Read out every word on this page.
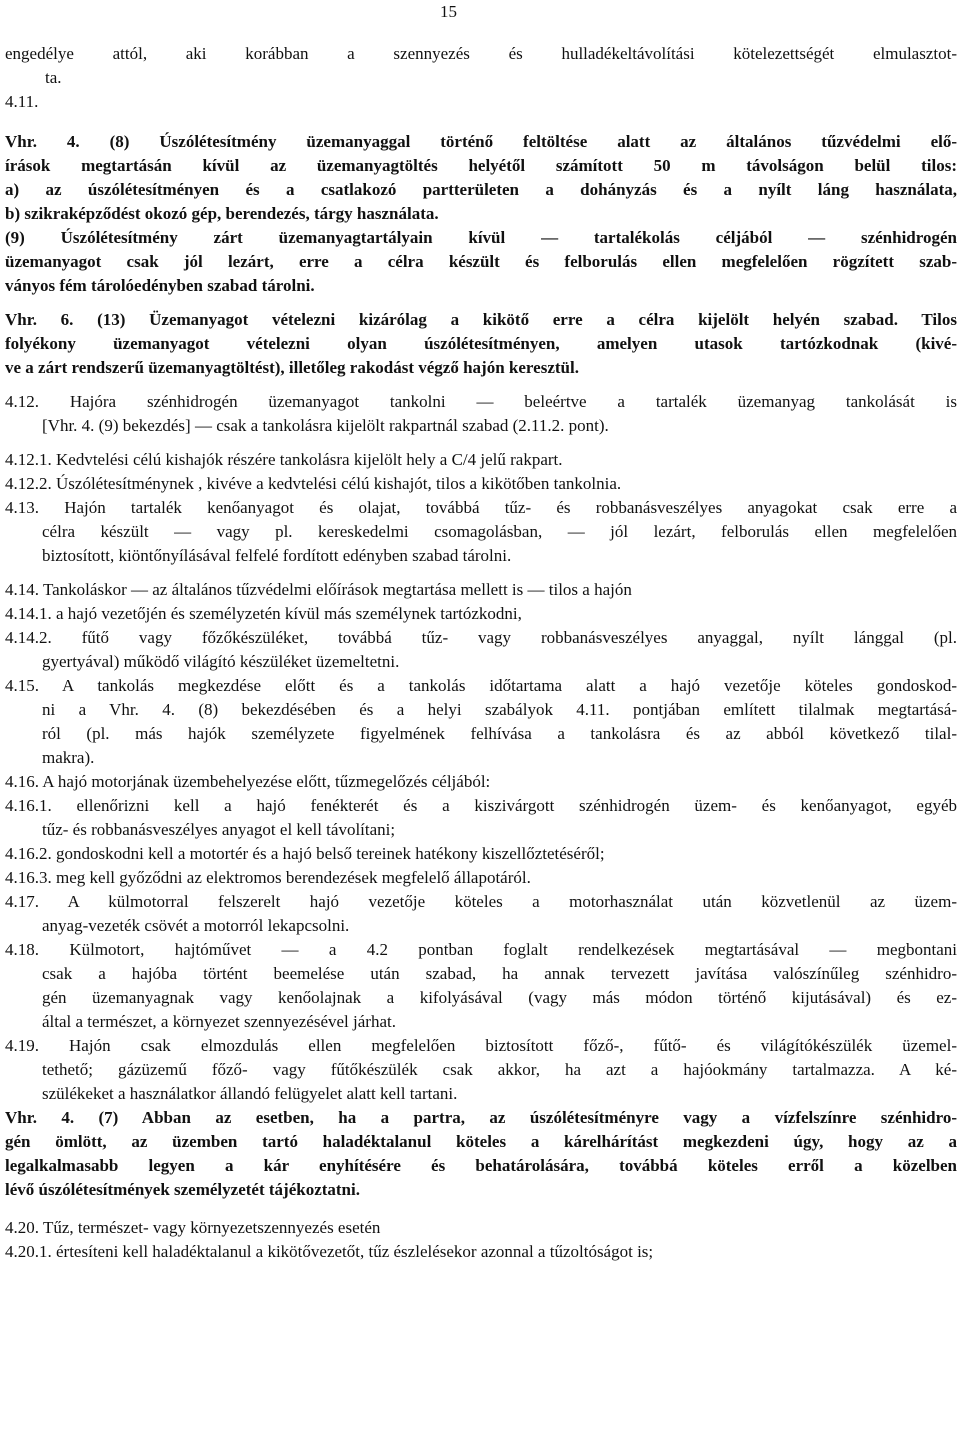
15
engedélye attól, aki korábban a szennyezés és hulladékeltávolítási kötelezettségét elmulasztot-
ta.
4.11.
Vhr. 4. (8) Úszólétesítmény üzemanyaggal történő feltöltése alatt az általános tűzvédelmi elő-
írások megtartásán kívül az üzemanyagtöltés helyétől számított 50 m távolságon belül tilos:
a) az úszólétesítményen és a csatlakozó partterületen a dohányzás és a nyílt láng használata,
b) szikraképződést okozó gép, berendezés, tárgy használata.
(9) Úszólétesítmény zárt üzemanyagtartályain kívül — tartalékolás céljából — szénhidrogén
üzemanyagot csak jól lezárt, erre a célra készült és felborulás ellen megfelelően rögzített szab-
ványos fém tárolóedényben szabad tárolni.
Vhr. 6. (13) Üzemanyagot vételezni kizárólag a kikötő erre a célra kijelölt helyén szabad. Tilos
folyékony üzemanyagot vételezni olyan úszólétesítményen, amelyen utasok tartózkodnak (kivé-
ve a zárt rendszerű üzemanyagtöltést), illetőleg rakodást végző hajón keresztül.
4.12. Hajóra szénhidrogén üzemanyagot tankolni — beleértve a tartalék üzemanyag tankolását is
[Vhr. 4. (9) bekezdés] — csak a tankolásra kijelölt rakpartnál szabad (2.11.2. pont).
4.12.1. Kedvtelési célú kishajók részére tankolásra kijelölt hely a C/4 jelű rakpart.
4.12.2. Úszólétesítménynek , kivéve a kedvtelési célú kishajót, tilos a kikötőben tankolnia.
4.13. Hajón tartalék kenőanyagot és olajat, továbbá tűz- és robbanásveszélyes anyagokat csak erre a
célra készült — vagy pl. kereskedelmi csomagolásban, — jól lezárt, felborulás ellen megfelelően
biztosított, kiöntőnyílásával felfelé fordított edényben szabad tárolni.
4.14. Tankoláskor — az általános tűzvédelmi előírások megtartása mellett is — tilos a hajón
4.14.1. a hajó vezetőjén és személyzetén kívül más személynek tartózkodni,
4.14.2. fűtő vagy főzőkészüléket, továbbá tűz- vagy robbanásveszélyes anyaggal, nyílt lánggal (pl.
gyertyával) működő világító készüléket üzemeltetni.
4.15. A tankolás megkezdése előtt és a tankolás időtartama alatt a hajó vezetője köteles gondoskod-
ni a Vhr. 4. (8) bekezdésében és a helyi szabályok 4.11. pontjában említett tilalmak megtartásá-
ról (pl. más hajók személyzete figyelmének felhívása a tankolásra és az abból következő tilal-
makra).
4.16. A hajó motorjának üzembehelyezése előtt, tűzmegelőzés céljából:
4.16.1. ellenőrizni kell a hajó fenékterét és a kiszivárgott szénhidrogén üzem- és kenőanyagot, egyéb
tűz- és robbanásveszélyes anyagot el kell távolítani;
4.16.2. gondoskodni kell a motortér és a hajó belső tereinek hatékony kiszellőztetéséről;
4.16.3. meg kell győződni az elektromos berendezések megfelelő állapotáról.
4.17. A külmotorral felszerelt hajó vezetője köteles a motorhasználat után közvetlenül az üzem-
anyag-vezeték csövét a motorról lekapcsolni.
4.18. Külmotort, hajtóművet — a 4.2 pontban foglalt rendelkezések megtartásával — megbontani
csak a hajóba történt beemelése után szabad, ha annak tervezett javítása valószínűleg szénhidro-
gén üzemanyagnak vagy kenőolajnak a kifolyásával (vagy más módon történő kijutásával) és ez-
által a természet, a környezet szennyezésével járhat.
4.19. Hajón csak elmozdulás ellen megfelelően biztosított főző-, fűtő- és világítókészülék üzemel-
tethető; gázüzemű főző- vagy fűtőkészülék csak akkor, ha azt a hajóokmány tartalmazza. A ké-
szülékeket a használatkor állandó felügyelet alatt kell tartani.
Vhr. 4. (7) Abban az esetben, ha a partra, az úszólétesítményre vagy a vízfelszínre szénhidro-
gén ömlött, az üzemben tartó haladéktalanul köteles a kárelhárítást megkezdeni úgy, hogy az a
legalkalmasabb legyen a kár enyhítésére és behatárolására, továbbá köteles erről a közelben
lévő úszólétesítmények személyzetét tájékoztatni.
4.20. Tűz, természet- vagy környezetszennyezés esetén
4.20.1. értesíteni kell haladéktalanul a kikötővezetőt, tűz észlelésekor azonnal a tűzoltóságot is;
